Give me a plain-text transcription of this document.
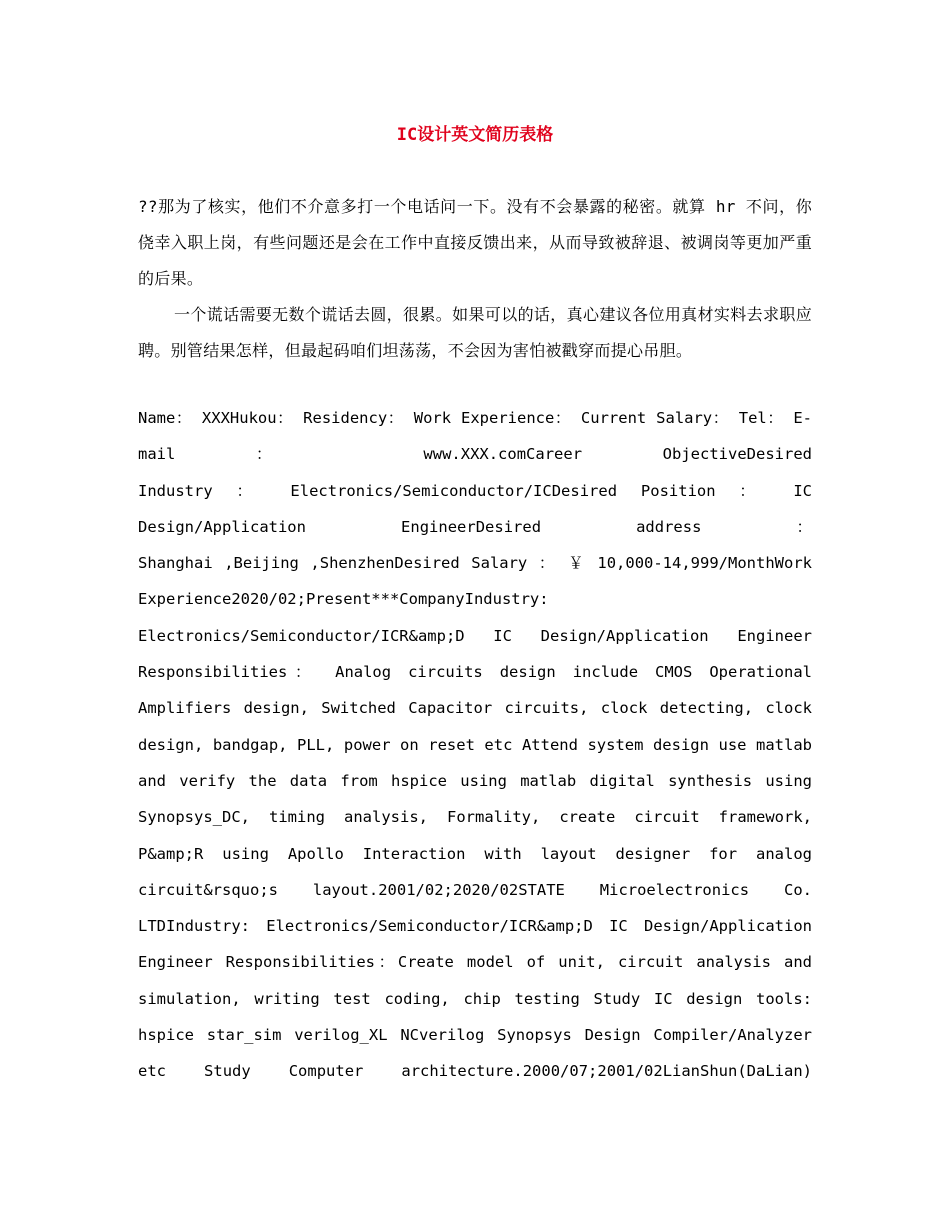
IC设计英文简历表格

??那为了核实，他们不介意多打一个电话问一下。没有不会暴露的秘密。就算 hr 不问，你侥幸入职上岗，有些问题还是会在工作中直接反馈出来，从而导致被辞退、被调岗等更加严重的后果。

一个谎话需要无数个谎话去圆，很累。如果可以的话，真心建议各位用真材实料去求职应聘。别管结果怎样，但最起码咱们坦荡荡，不会因为害怕被戳穿而提心吊胆。

Name： XXXHukou： Residency： Work Experience： Current Salary： Tel： E-
mail ： www.XXX.comCareer ObjectiveDesired
Industry ： Electronics/Semiconductor/ICDesired Position ： IC
Design/Application EngineerDesired address ：
Shanghai ,Beijing ,ShenzhenDesired Salary ： ￥ 10,000-14,999/MonthWork
Experience2020/02;Present***CompanyIndustry:
Electronics/Semiconductor/ICR&amp;D IC Design/Application Engineer
Responsibilities： Analog circuits design include CMOS Operational
Amplifiers design, Switched Capacitor circuits, clock detecting, clock
design, bandgap, PLL, power on reset etc Attend system design use matlab
and verify the data from hspice using matlab digital synthesis using
Synopsys_DC, timing analysis, Formality, create circuit framework,
P&amp;R using Apollo Interaction with layout designer for analog
circuit&rsquo;s layout.2001/02;2020/02STATE Microelectronics Co.
LTDIndustry: Electronics/Semiconductor/ICR&amp;D IC Design/Application
Engineer Responsibilities：Create model of unit, circuit analysis and
simulation, writing test coding, chip testing Study IC design tools:
hspice star_sim verilog_XL NCverilog Synopsys Design Compiler/Analyzer
etc Study Computer architecture.2000/07;2001/02LianShun(DaLian)
